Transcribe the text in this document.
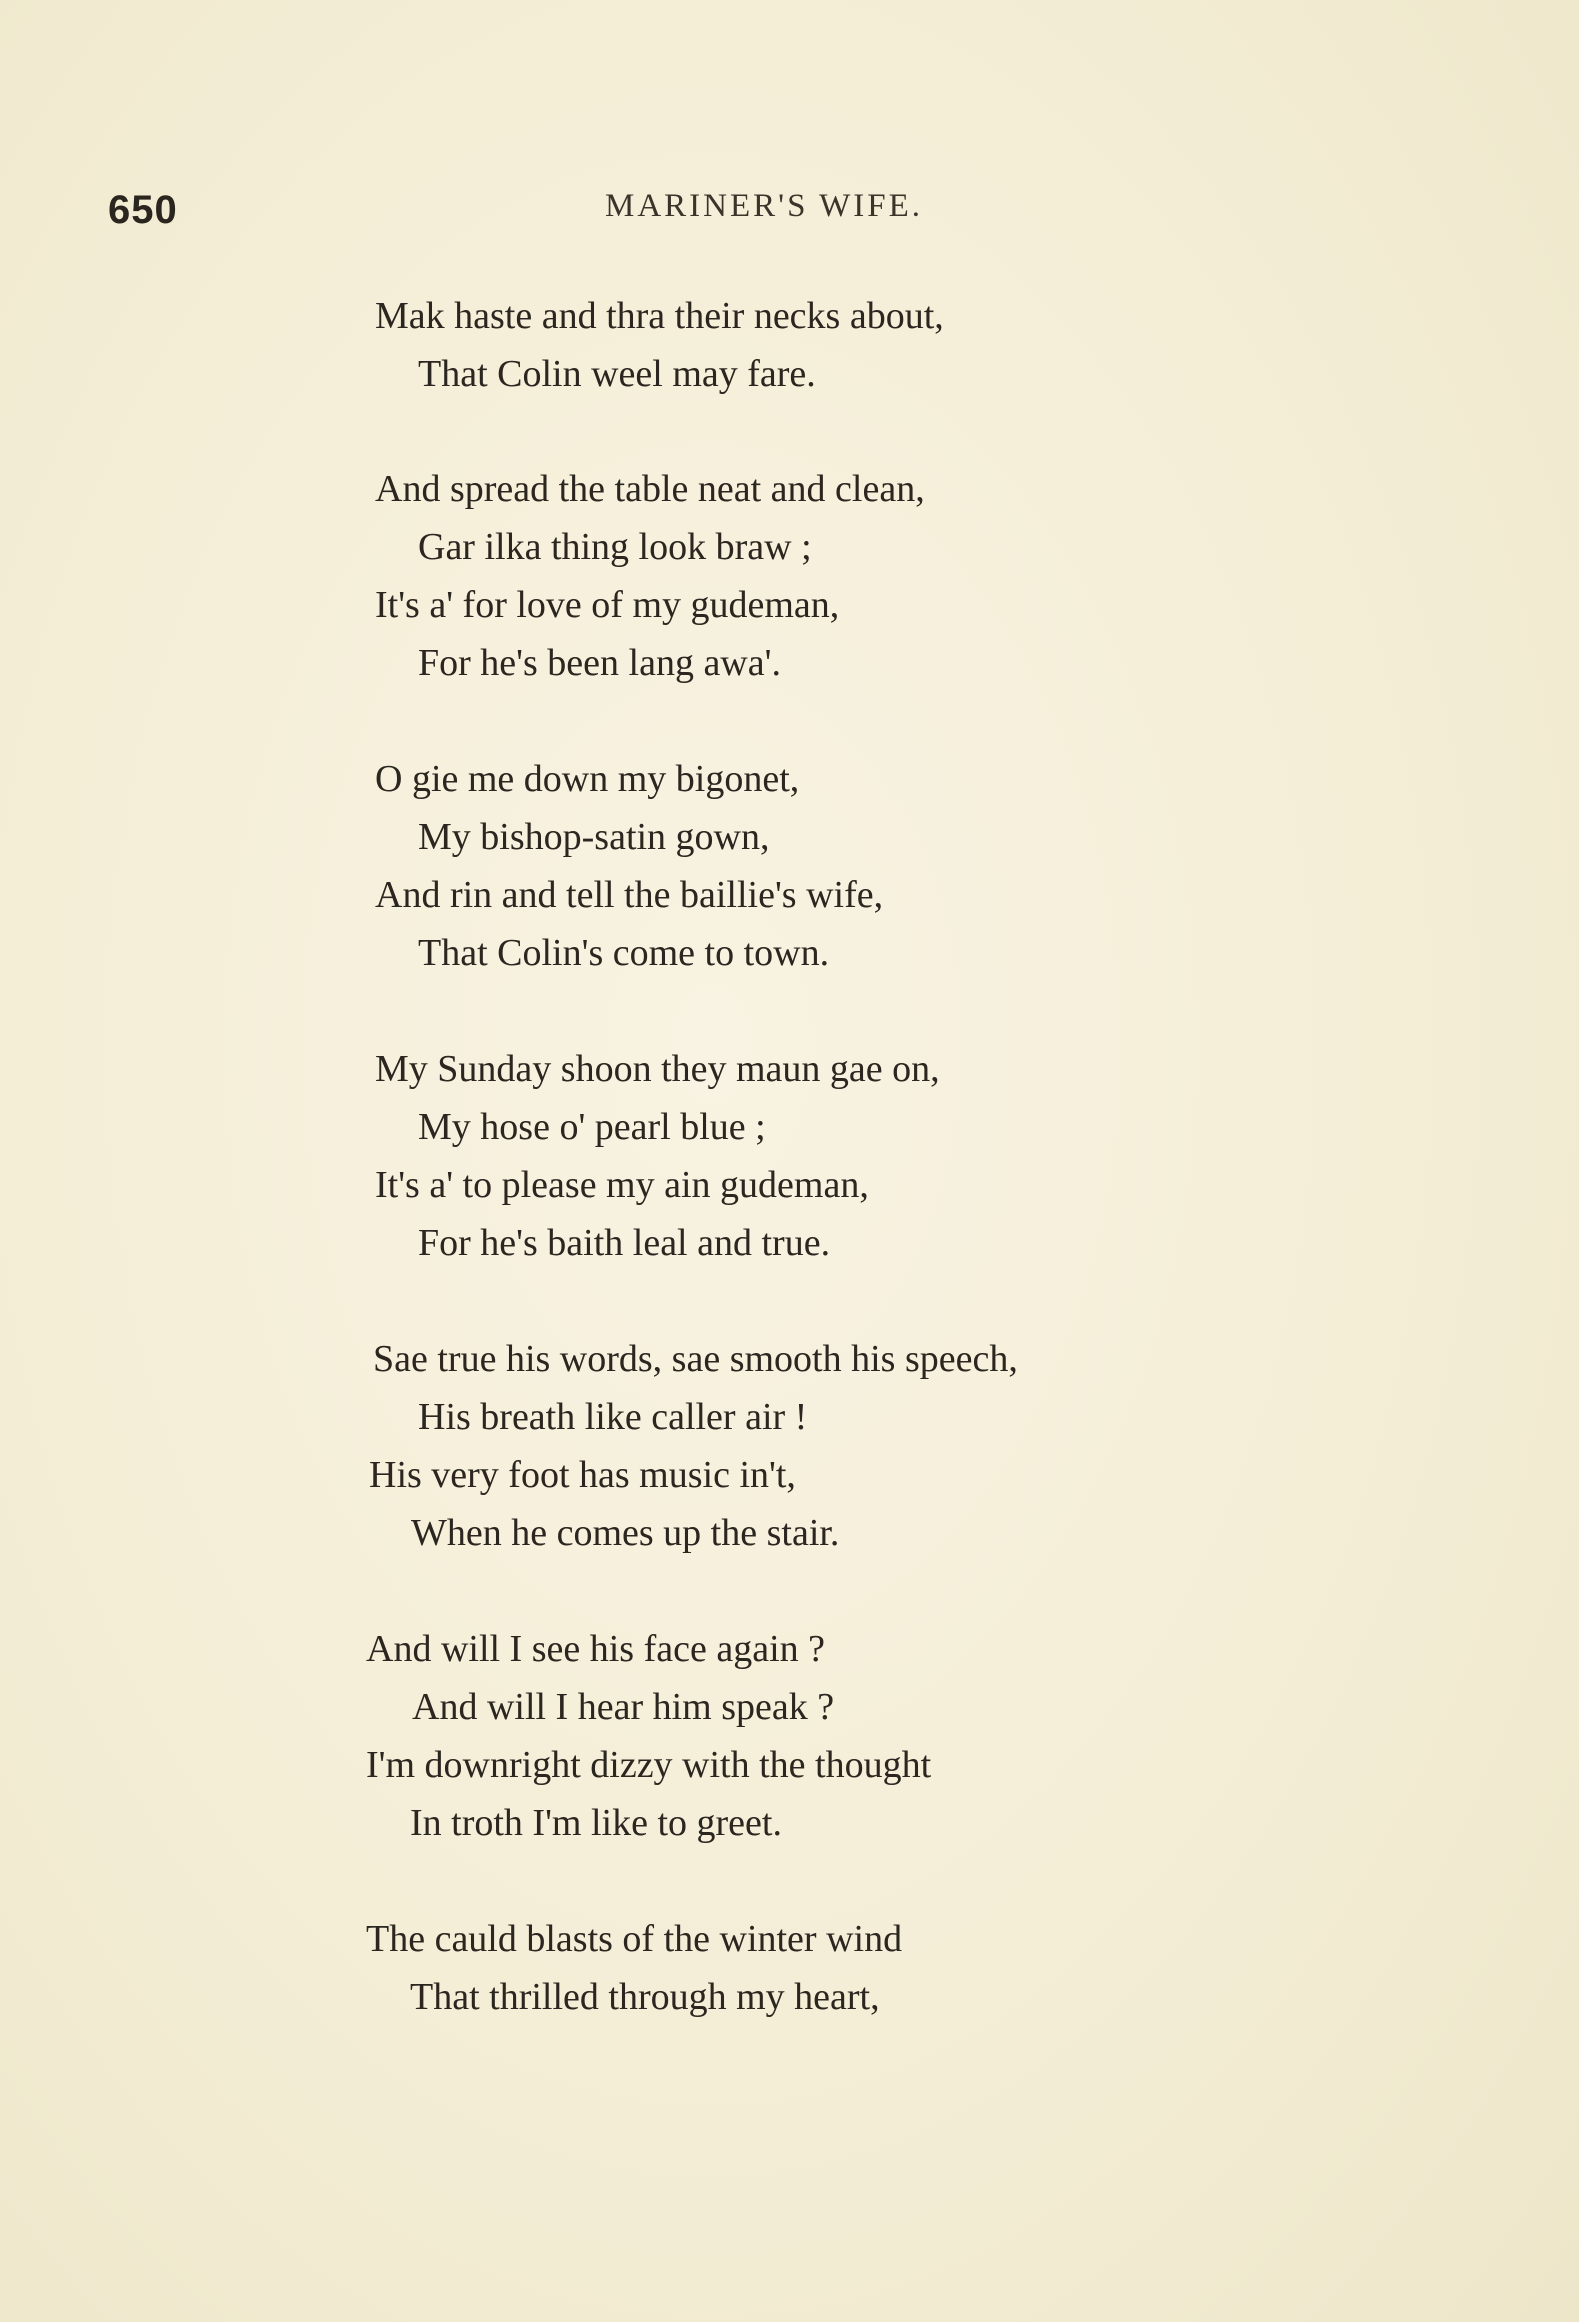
650	MARINER'S WIFE.
Mak haste and thra their necks about,
That Colin weel may fare.
And spread the table neat and clean,
Gar ilka thing look braw ;
It's a' for love of my gudeman,
For he's been lang awa'.
O gie me down my bigonet,
My bishop-satin gown,
And rin and tell the baillie's wife,
That Colin's come to town.
My Sunday shoon they maun gae on,
My hose o' pearl blue ;
It's a' to please my ain gudeman,
For he's baith leal and true.
Sae true his words, sae smooth his speech,
His breath like caller air !
His very foot has music in't,
When he comes up the stair.
And will I see his face again ?
And will I hear him speak ?
I'm downright dizzy with the thought
In troth I'm like to greet.
The cauld blasts of the winter wind
That thrilled through my heart,
